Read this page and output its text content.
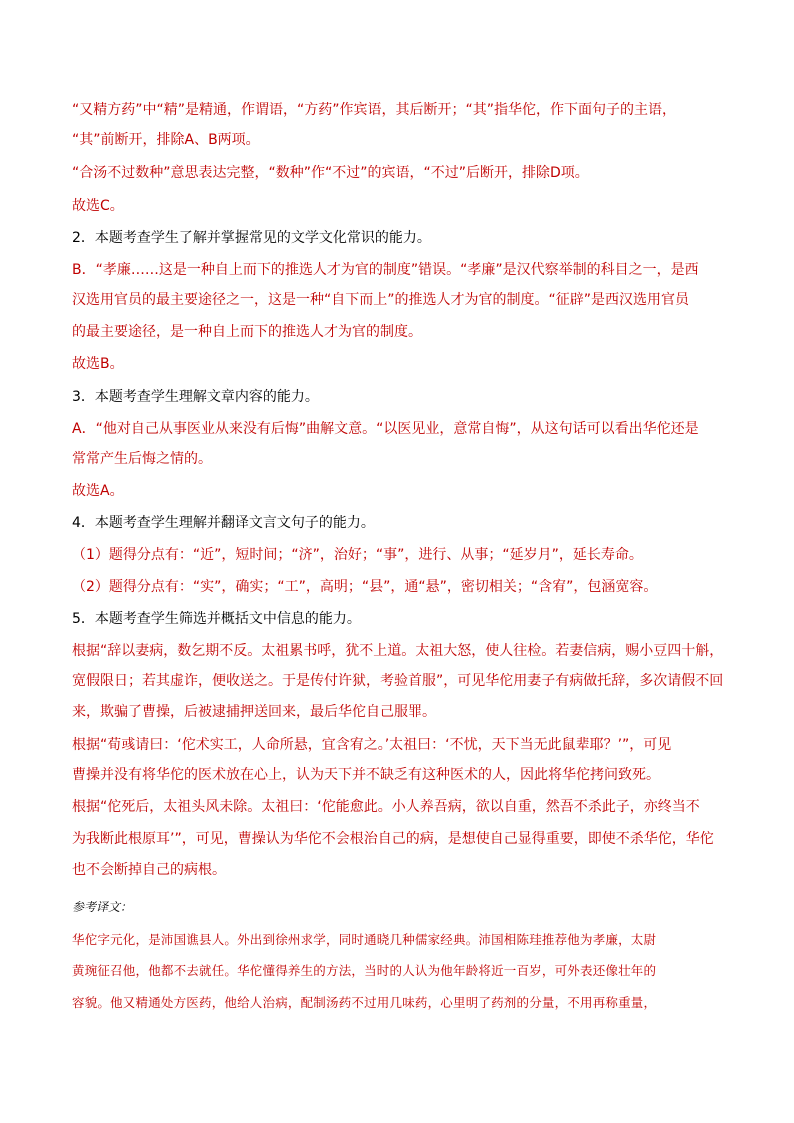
“又精方药”中“精”是精通，作谓语，“方药”作宾语，其后断开；“其”指华佗，作下面句子的主语，
“其”前断开，排除A、B两项。
“合汤不过数种”意思表达完整，“数种”作“不过”的宾语，“不过”后断开，排除D项。
故选C。
2．本题考查学生了解并掌握常见的文学文化常识的能力。
B．“孝廉……这是一种自上而下的推选人才为官的制度”错误。“孝廉”是汉代察举制的科目之一，是西
汉选用官员的最主要途径之一，这是一种“自下而上”的推选人才为官的制度。“征辟”是西汉选用官员
的最主要途径，是一种自上而下的推选人才为官的制度。
故选B。
3．本题考查学生理解文章内容的能力。
A．“他对自己从事医业从来没有后悔”曲解文意。“以医见业，意常自悔”，从这句话可以看出华佗还是
常常产生后悔之情的。
故选A。
4．本题考查学生理解并翻译文言文句子的能力。
（1）题得分点有：“近”，短时间；“济”，治好；“事”，进行、从事；“延岁月”，延长寿命。
（2）题得分点有：“实”，确实；“工”，高明；“县”，通“悬”，密切相关；“含宥”，包涵宽容。
5．本题考查学生筛选并概括文中信息的能力。
根据“辞以妻病，数乞期不反。太祖累书呼，犹不上道。太祖大怒，使人往检。若妻信病，赐小豆四十斛，
宽假限日；若其虚诈，便收送之。于是传付许狱，考验首服”，可见华佗用妻子有病做托辞，多次请假不回
来，欺骗了曹操，后被逮捕押送回来，最后华佗自己服罪。
根据“荀彧请曰：‘佗术实工，人命所悬，宜含宥之。’太祖曰：‘不忧，天下当无此鼠辈耶？’”，可见
曹操并没有将华佗的医术放在心上，认为天下并不缺乏有这种医术的人，因此将华佗拷问致死。
根据“佗死后，太祖头风未除。太祖曰：‘佗能愈此。小人养吾病，欲以自重，然吾不杀此子，亦终当不
为我断此根原耳’”，可见，曹操认为华佗不会根治自己的病，是想使自己显得重要，即使不杀华佗，华佗
也不会断掉自己的病根。
参考译文：
华佗字元化，是沛国谯县人。外出到徐州求学，同时通晓几种儒家经典。沛国相陈珪推荐他为孝廉，太尉
黄琬征召他，他都不去就任。华佗懂得养生的方法，当时的人认为他年龄将近一百岁，可外表还像壮年的
容貌。他又精通处方医药，他给人治病，配制汤药不过用几味药，心里明了药剂的分量，不用再称重量，
